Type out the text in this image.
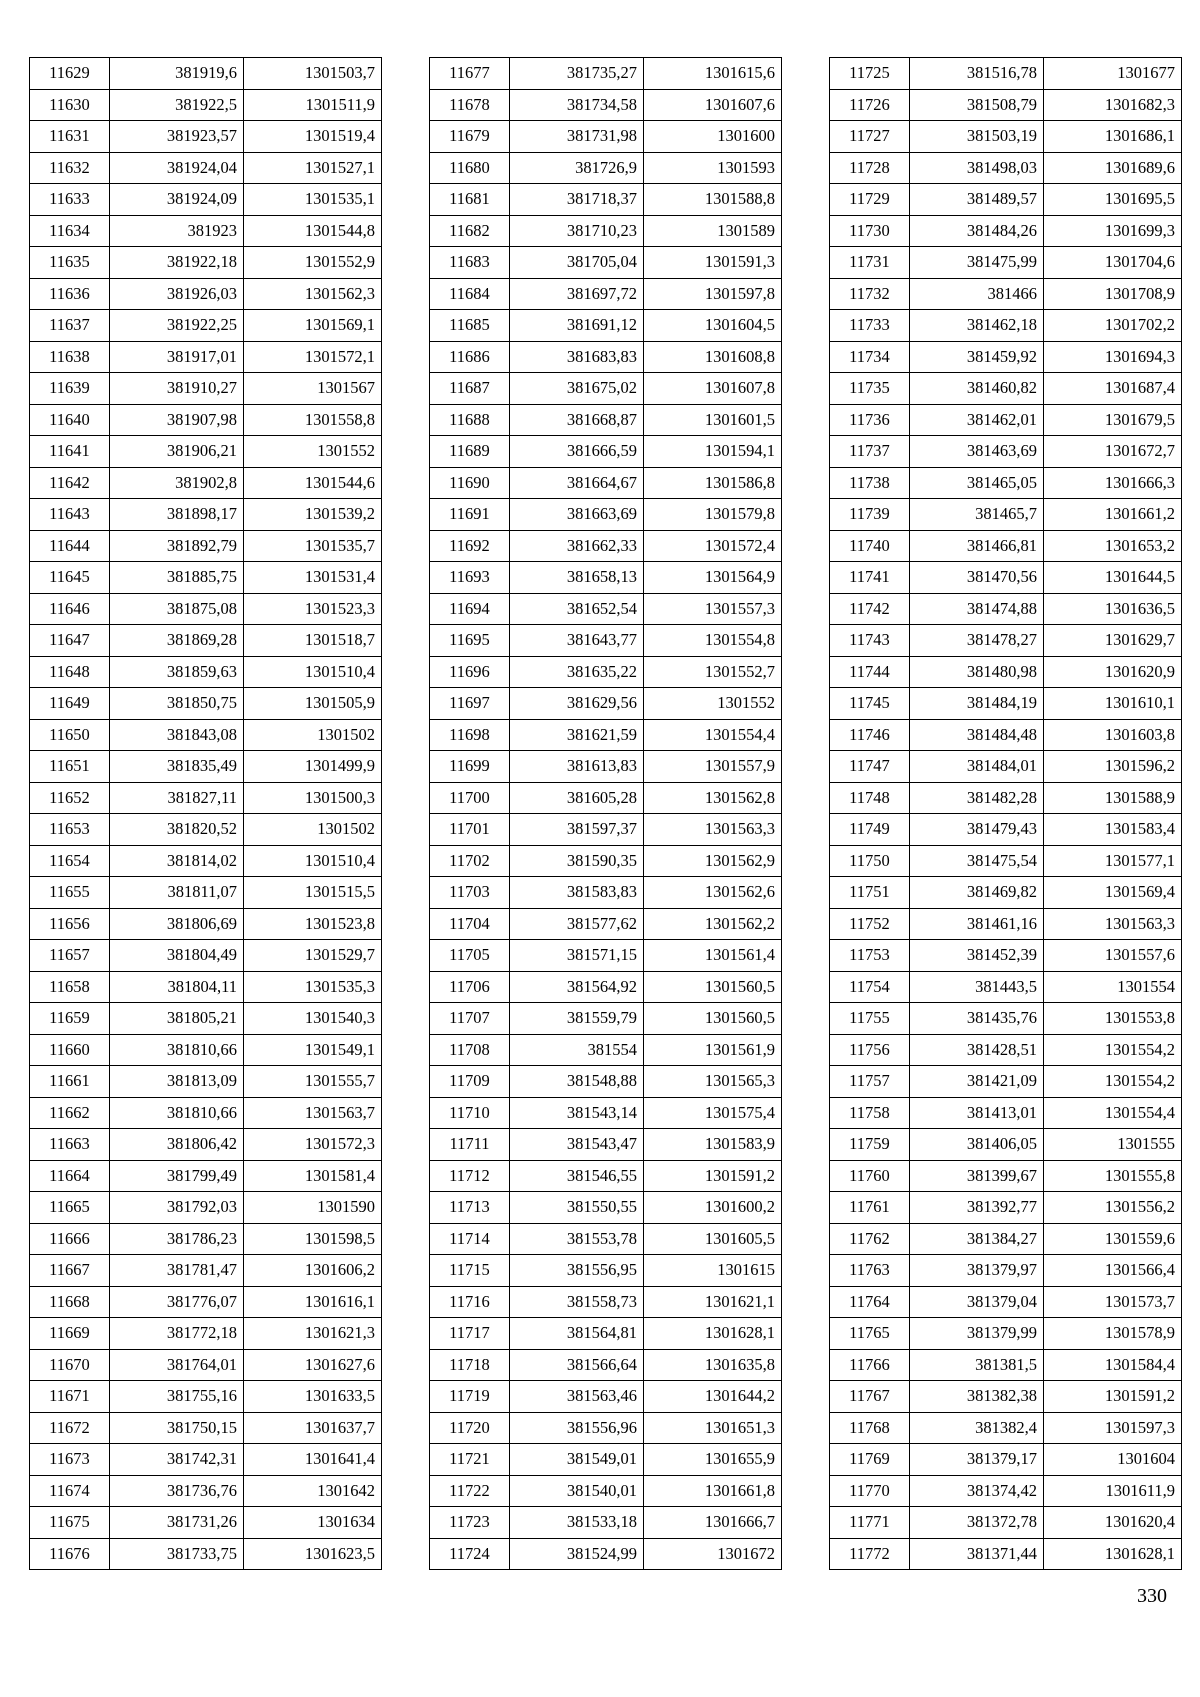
11629	381919,6	1301503,7
11630	381922,5	1301511,9
11631	381923,57	1301519,4
11632	381924,04	1301527,1
11633	381924,09	1301535,1
11634	381923	1301544,8
11635	381922,18	1301552,9
11636	381926,03	1301562,3
11637	381922,25	1301569,1
11638	381917,01	1301572,1
11639	381910,27	1301567
11640	381907,98	1301558,8
11641	381906,21	1301552
11642	381902,8	1301544,6
11643	381898,17	1301539,2
11644	381892,79	1301535,7
11645	381885,75	1301531,4
11646	381875,08	1301523,3
11647	381869,28	1301518,7
11648	381859,63	1301510,4
11649	381850,75	1301505,9
11650	381843,08	1301502
11651	381835,49	1301499,9
11652	381827,11	1301500,3
11653	381820,52	1301502
11654	381814,02	1301510,4
11655	381811,07	1301515,5
11656	381806,69	1301523,8
11657	381804,49	1301529,7
11658	381804,11	1301535,3
11659	381805,21	1301540,3
11660	381810,66	1301549,1
11661	381813,09	1301555,7
11662	381810,66	1301563,7
11663	381806,42	1301572,3
11664	381799,49	1301581,4
11665	381792,03	1301590
11666	381786,23	1301598,5
11667	381781,47	1301606,2
11668	381776,07	1301616,1
11669	381772,18	1301621,3
11670	381764,01	1301627,6
11671	381755,16	1301633,5
11672	381750,15	1301637,7
11673	381742,31	1301641,4
11674	381736,76	1301642
11675	381731,26	1301634
11676	381733,75	1301623,5
11677	381735,27	1301615,6
11678	381734,58	1301607,6
11679	381731,98	1301600
11680	381726,9	1301593
11681	381718,37	1301588,8
11682	381710,23	1301589
11683	381705,04	1301591,3
11684	381697,72	1301597,8
11685	381691,12	1301604,5
11686	381683,83	1301608,8
11687	381675,02	1301607,8
11688	381668,87	1301601,5
11689	381666,59	1301594,1
11690	381664,67	1301586,8
11691	381663,69	1301579,8
11692	381662,33	1301572,4
11693	381658,13	1301564,9
11694	381652,54	1301557,3
11695	381643,77	1301554,8
11696	381635,22	1301552,7
11697	381629,56	1301552
11698	381621,59	1301554,4
11699	381613,83	1301557,9
11700	381605,28	1301562,8
11701	381597,37	1301563,3
11702	381590,35	1301562,9
11703	381583,83	1301562,6
11704	381577,62	1301562,2
11705	381571,15	1301561,4
11706	381564,92	1301560,5
11707	381559,79	1301560,5
11708	381554	1301561,9
11709	381548,88	1301565,3
11710	381543,14	1301575,4
11711	381543,47	1301583,9
11712	381546,55	1301591,2
11713	381550,55	1301600,2
11714	381553,78	1301605,5
11715	381556,95	1301615
11716	381558,73	1301621,1
11717	381564,81	1301628,1
11718	381566,64	1301635,8
11719	381563,46	1301644,2
11720	381556,96	1301651,3
11721	381549,01	1301655,9
11722	381540,01	1301661,8
11723	381533,18	1301666,7
11724	381524,99	1301672
11725	381516,78	1301677
11726	381508,79	1301682,3
11727	381503,19	1301686,1
11728	381498,03	1301689,6
11729	381489,57	1301695,5
11730	381484,26	1301699,3
11731	381475,99	1301704,6
11732	381466	1301708,9
11733	381462,18	1301702,2
11734	381459,92	1301694,3
11735	381460,82	1301687,4
11736	381462,01	1301679,5
11737	381463,69	1301672,7
11738	381465,05	1301666,3
11739	381465,7	1301661,2
11740	381466,81	1301653,2
11741	381470,56	1301644,5
11742	381474,88	1301636,5
11743	381478,27	1301629,7
11744	381480,98	1301620,9
11745	381484,19	1301610,1
11746	381484,48	1301603,8
11747	381484,01	1301596,2
11748	381482,28	1301588,9
11749	381479,43	1301583,4
11750	381475,54	1301577,1
11751	381469,82	1301569,4
11752	381461,16	1301563,3
11753	381452,39	1301557,6
11754	381443,5	1301554
11755	381435,76	1301553,8
11756	381428,51	1301554,2
11757	381421,09	1301554,2
11758	381413,01	1301554,4
11759	381406,05	1301555
11760	381399,67	1301555,8
11761	381392,77	1301556,2
11762	381384,27	1301559,6
11763	381379,97	1301566,4
11764	381379,04	1301573,7
11765	381379,99	1301578,9
11766	381381,5	1301584,4
11767	381382,38	1301591,2
11768	381382,4	1301597,3
11769	381379,17	1301604
11770	381374,42	1301611,9
11771	381372,78	1301620,4
11772	381371,44	1301628,1
330
